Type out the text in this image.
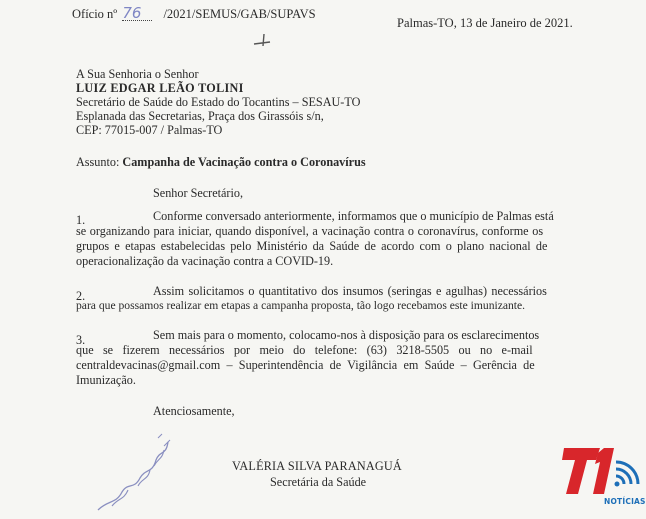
Ofício nº 76 /2021/SEMUS/GAB/SUPAVS
Palmas-TO, 13 de Janeiro de 2021.
A Sua Senhoria o Senhor
LUIZ EDGAR LEÃO TOLINI
Secretário de Saúde do Estado do Tocantins – SESAU-TO
Esplanada das Secretarias, Praça dos Girassóis s/n,
CEP: 77015-007 / Palmas-TO
Assunto: Campanha de Vacinação contra o Coronavírus
Senhor Secretário,
1.	Conforme conversado anteriormente, informamos que o município de Palmas está
se organizando para iniciar, quando disponível, a vacinação contra o coronavírus, conforme os
grupos e etapas estabelecidas pelo Ministério da Saúde de acordo com o plano nacional de
operacionalização da vacinação contra a COVID-19.
2.	Assim solicitamos o quantitativo dos insumos (seringas e agulhas) necessários
para que possamos realizar em etapas a campanha proposta, tão logo recebamos este imunizante.
3.	Sem mais para o momento, colocamo-nos à disposição para os esclarecimentos
que se fizerem necessários por meio do telefone: (63) 3218-5505 ou no e-mail
centraldevacinas@gmail.com – Superintendência de Vigilância em Saúde – Gerência de
Imunização.
Atenciosamente,
VALÉRIA SILVA PARANAGUÁ
Secretária da Saúde
NOTÍCIAS
